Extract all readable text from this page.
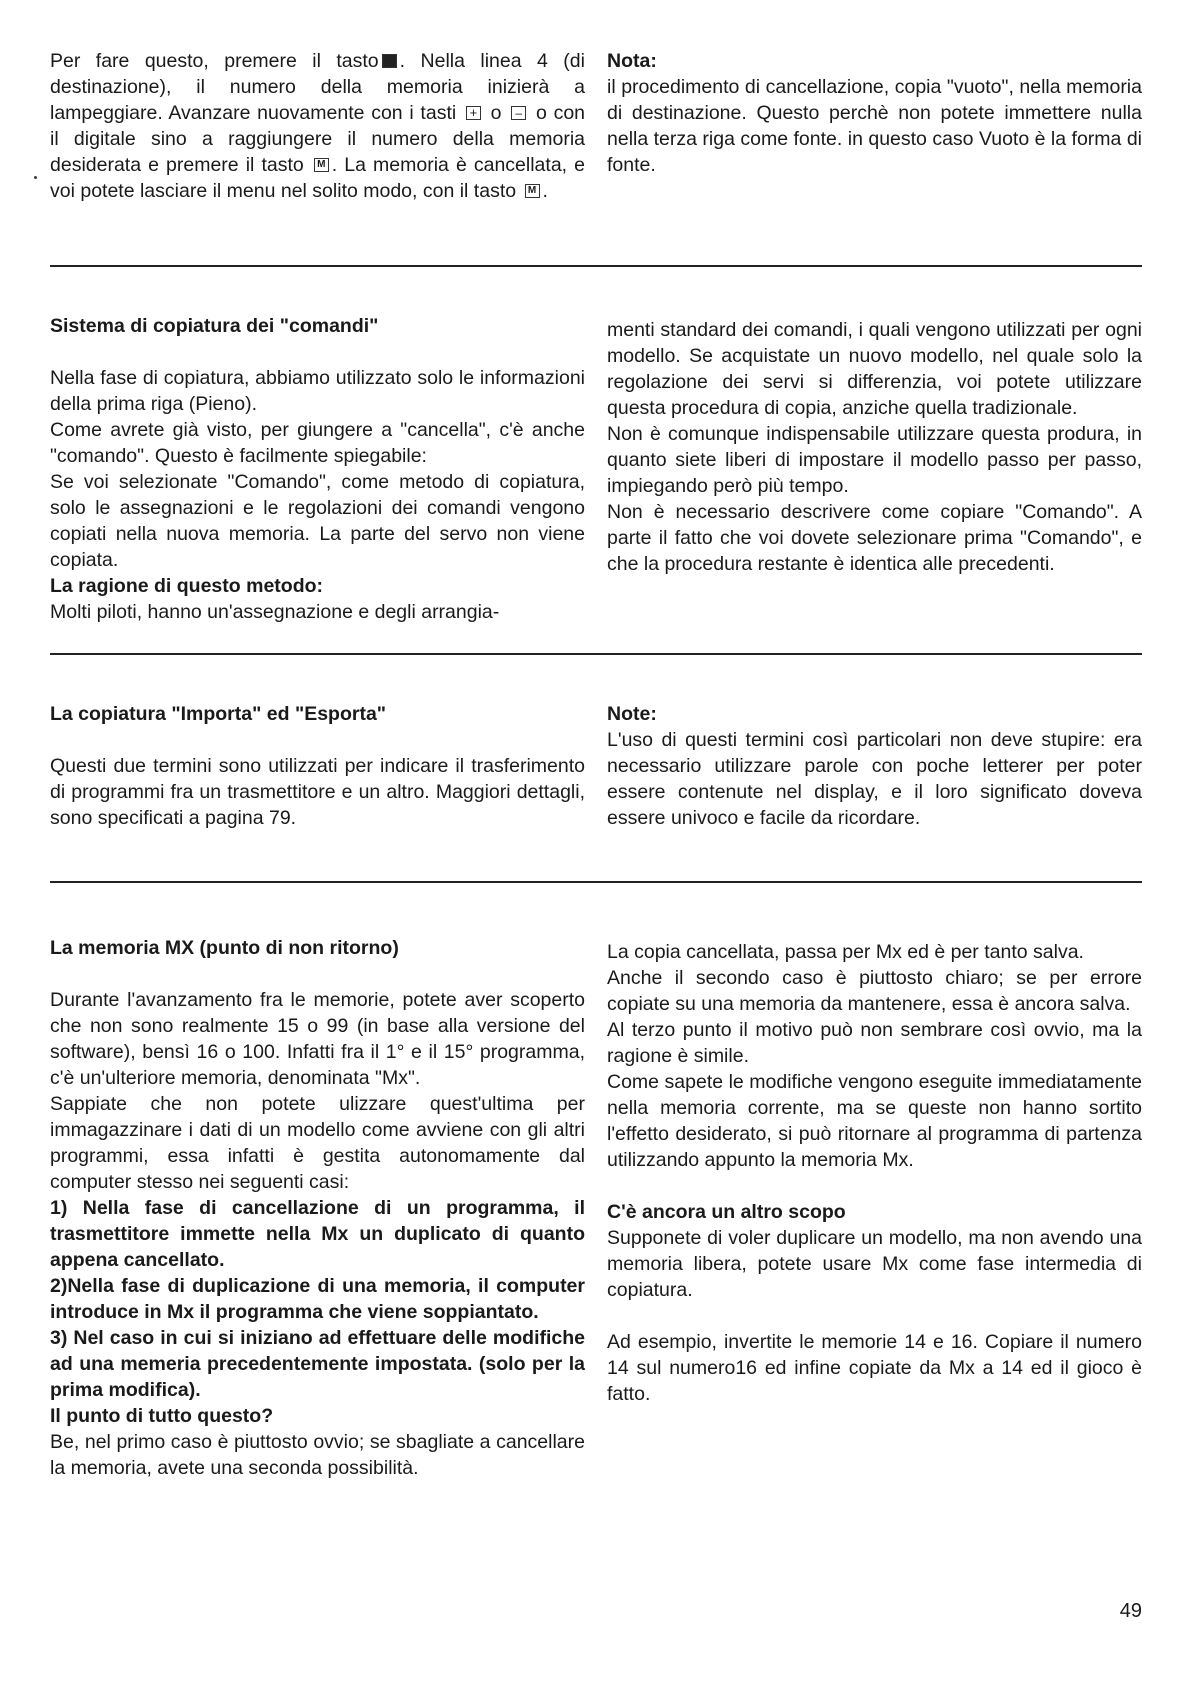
Per fare questo, premere il tasto . Nella linea 4 (di destinazione), il numero della memoria inizierà a lampeggiare. Avanzare nuovamente con i tasti + o – o con il digitale sino a raggiungere il numero della memoria desiderata e premere il tasto M . La memoria è cancellata, e voi potete lasciare il menu nel solito modo, con il tasto M .

Nota:

il procedimento di cancellazione, copia "vuoto", nella memoria di destinazione. Questo perchè non potete immettere nulla nella terza riga come fonte. in questo caso Vuoto è la forma di fonte.

Sistema di copiatura dei "comandi"

Nella fase di copiatura, abbiamo utilizzato solo le informazioni della prima riga (Pieno).

Come avrete già visto, per giungere a "cancella", c'è anche "comando". Questo è facilmente spiegabile:

Se voi selezionate "Comando", come metodo di copiatura, solo le assegnazioni e le regolazioni dei comandi vengono copiati nella nuova memoria. La parte del servo non viene copiata.

La ragione di questo metodo:

Molti piloti, hanno un'assegnazione e degli arrangia-

menti standard dei comandi, i quali vengono utilizzati per ogni modello. Se acquistate un nuovo modello, nel quale solo la regolazione dei servi si differenzia, voi potete utilizzare questa procedura di copia, anziche quella tradizionale.

Non è comunque indispensabile utilizzare questa produra, in quanto siete liberi di impostare il modello passo per passo, impiegando però più tempo.

Non è necessario descrivere come copiare "Comando". A parte il fatto che voi dovete selezionare prima "Comando", e che la procedura restante è identica alle precedenti.

La copiatura "Importa" ed "Esporta"

Questi due termini sono utilizzati per indicare il trasferimento di programmi fra un trasmettitore e un altro. Maggiori dettagli, sono specificati a pagina 79.

Note:

L'uso di questi termini così particolari non deve stupire: era necessario utilizzare parole con poche letterer per poter essere contenute nel display, e il loro significato doveva essere univoco e facile da ricordare.

La memoria MX (punto di non ritorno)

Durante l'avanzamento fra le memorie, potete aver scoperto che non sono realmente 15 o 99 (in base alla versione del software), bensì 16 o 100. Infatti fra il 1° e il 15° programma, c'è un'ulteriore memoria, denominata "Mx".

Sappiate che non potete ulizzare quest'ultima per immagazzinare i dati di un modello come avviene con gli altri programmi, essa infatti è gestita autonomamente dal computer stesso nei seguenti casi:

1) Nella fase di cancellazione di un programma, il trasmettitore immette nella Mx un duplicato di quanto appena cancellato.

2)Nella fase di duplicazione di una memoria, il computer introduce in Mx il programma che viene soppiantato.

3) Nel caso in cui si iniziano ad effettuare delle modifiche ad una memeria precedentemente impostata. (solo per la prima modifica).

Il punto di tutto questo?

Be, nel primo caso è piuttosto ovvio; se sbagliate a cancellare la memoria, avete una seconda possibilità.

La copia cancellata, passa per Mx ed è per tanto salva.

Anche il secondo caso è piuttosto chiaro; se per errore copiate su una memoria da mantenere, essa è ancora salva.

Al terzo punto il motivo può non sembrare così ovvio, ma la ragione è simile.

Come sapete le modifiche vengono eseguite immediatamente nella memoria corrente, ma se queste non hanno sortito l'effetto desiderato, si può ritornare al programma di partenza utilizzando appunto la memoria Mx.

C'è ancora un altro scopo

Supponete di voler duplicare un modello, ma non avendo una memoria libera, potete usare Mx come fase intermedia di copiatura.

Ad esempio, invertite le memorie 14 e 16. Copiare il numero 14 sul numero16 ed infine copiate da Mx a 14 ed il gioco è fatto.

49
